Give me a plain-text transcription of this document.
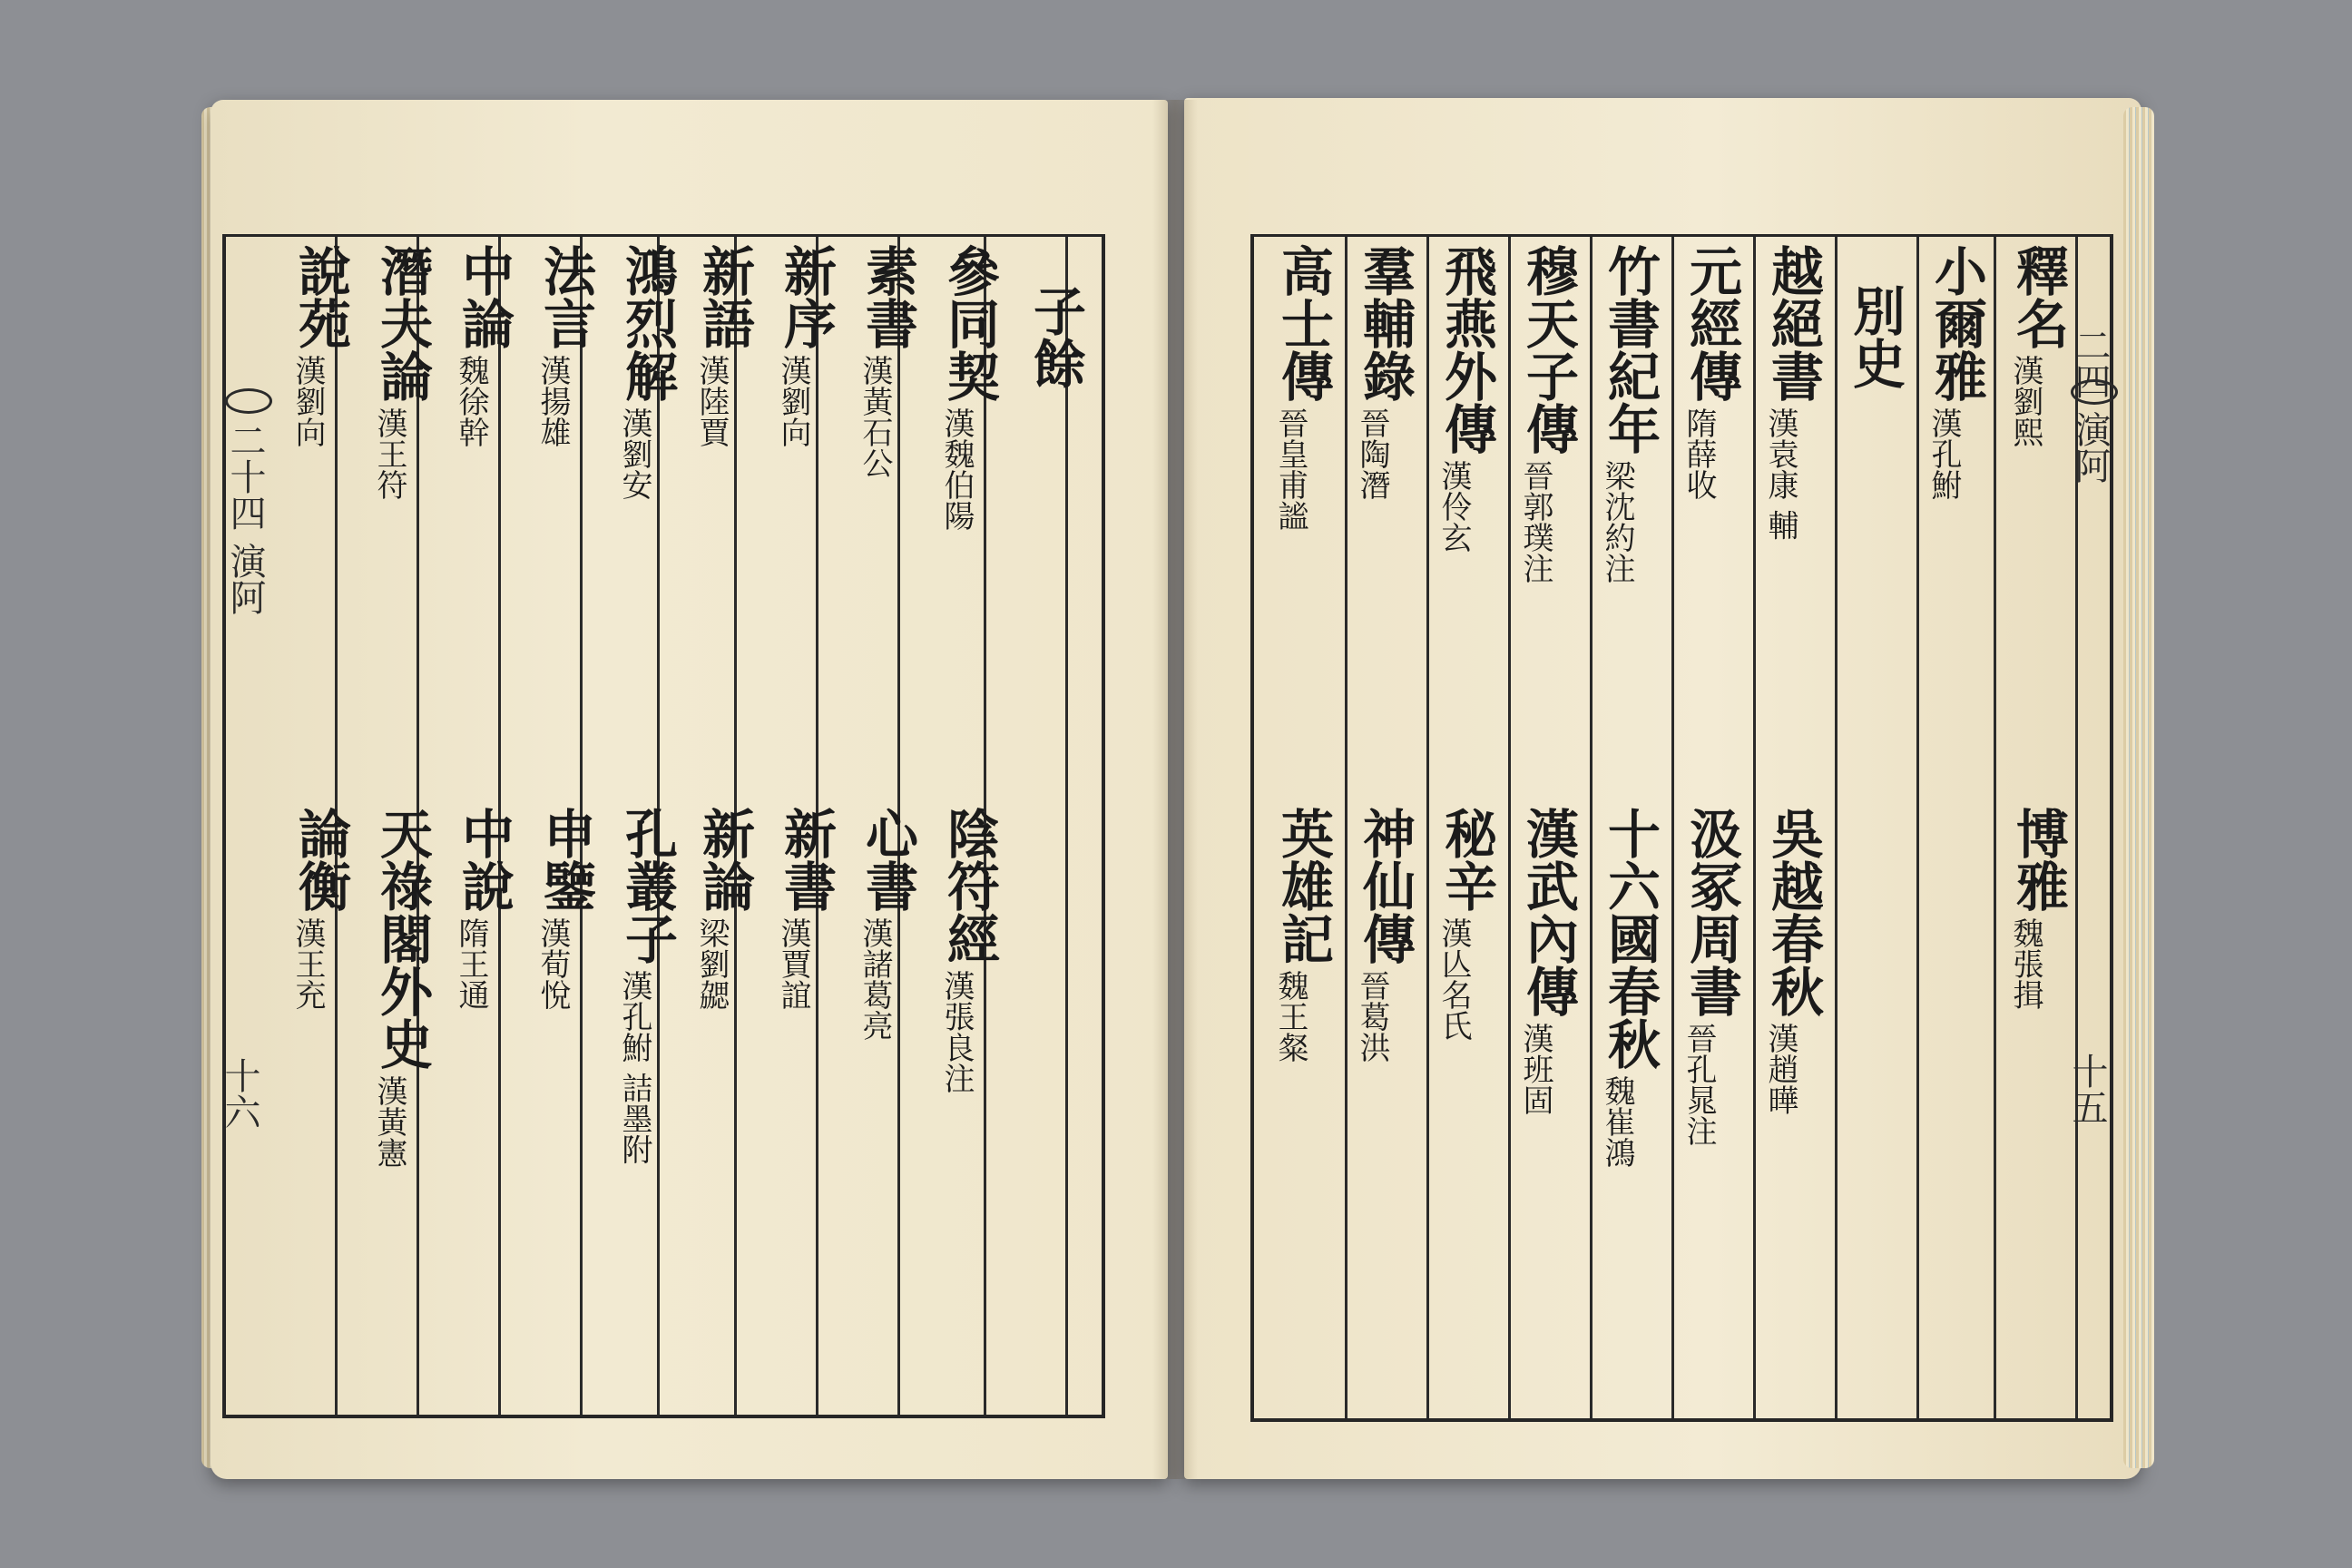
子餘
參同契
漢魏伯陽
陰符經
漢張良注
素書
漢黃石公
心書
漢諸葛亮
新序
漢劉向
新書
漢賈誼
新語
漢陸賈
新論
梁劉勰
鴻烈解
漢劉安
孔叢子
漢孔鮒 詰墨附
法言
漢揚雄
申鑒
漢荀悅
中論
魏徐幹
中說
隋王通
潛夫論
漢王符
天祿閣外史
漢黃憲
說苑
漢劉向
論衡
漢王充
釋名
漢劉熙
博雅
魏張揖
小爾雅
漢孔鮒
別史
越絕書
漢袁康 輔
吳越春秋
漢趙曄
元經傳
隋薛收
汲冢周書
晉孔晁注
竹書紀年
梁沈約注
十六國春秋
魏崔鴻
穆天子傳
晉郭璞注
漢武內傳
漢班固
飛燕外傳
漢伶玄
秘辛
漢亾名氏
羣輔錄
晉陶潛
神仙傳
晉葛洪
高士傳
晉皇甫謐
英雄記
魏王粲
二十四 演阿
十六
二四 演阿
十五
